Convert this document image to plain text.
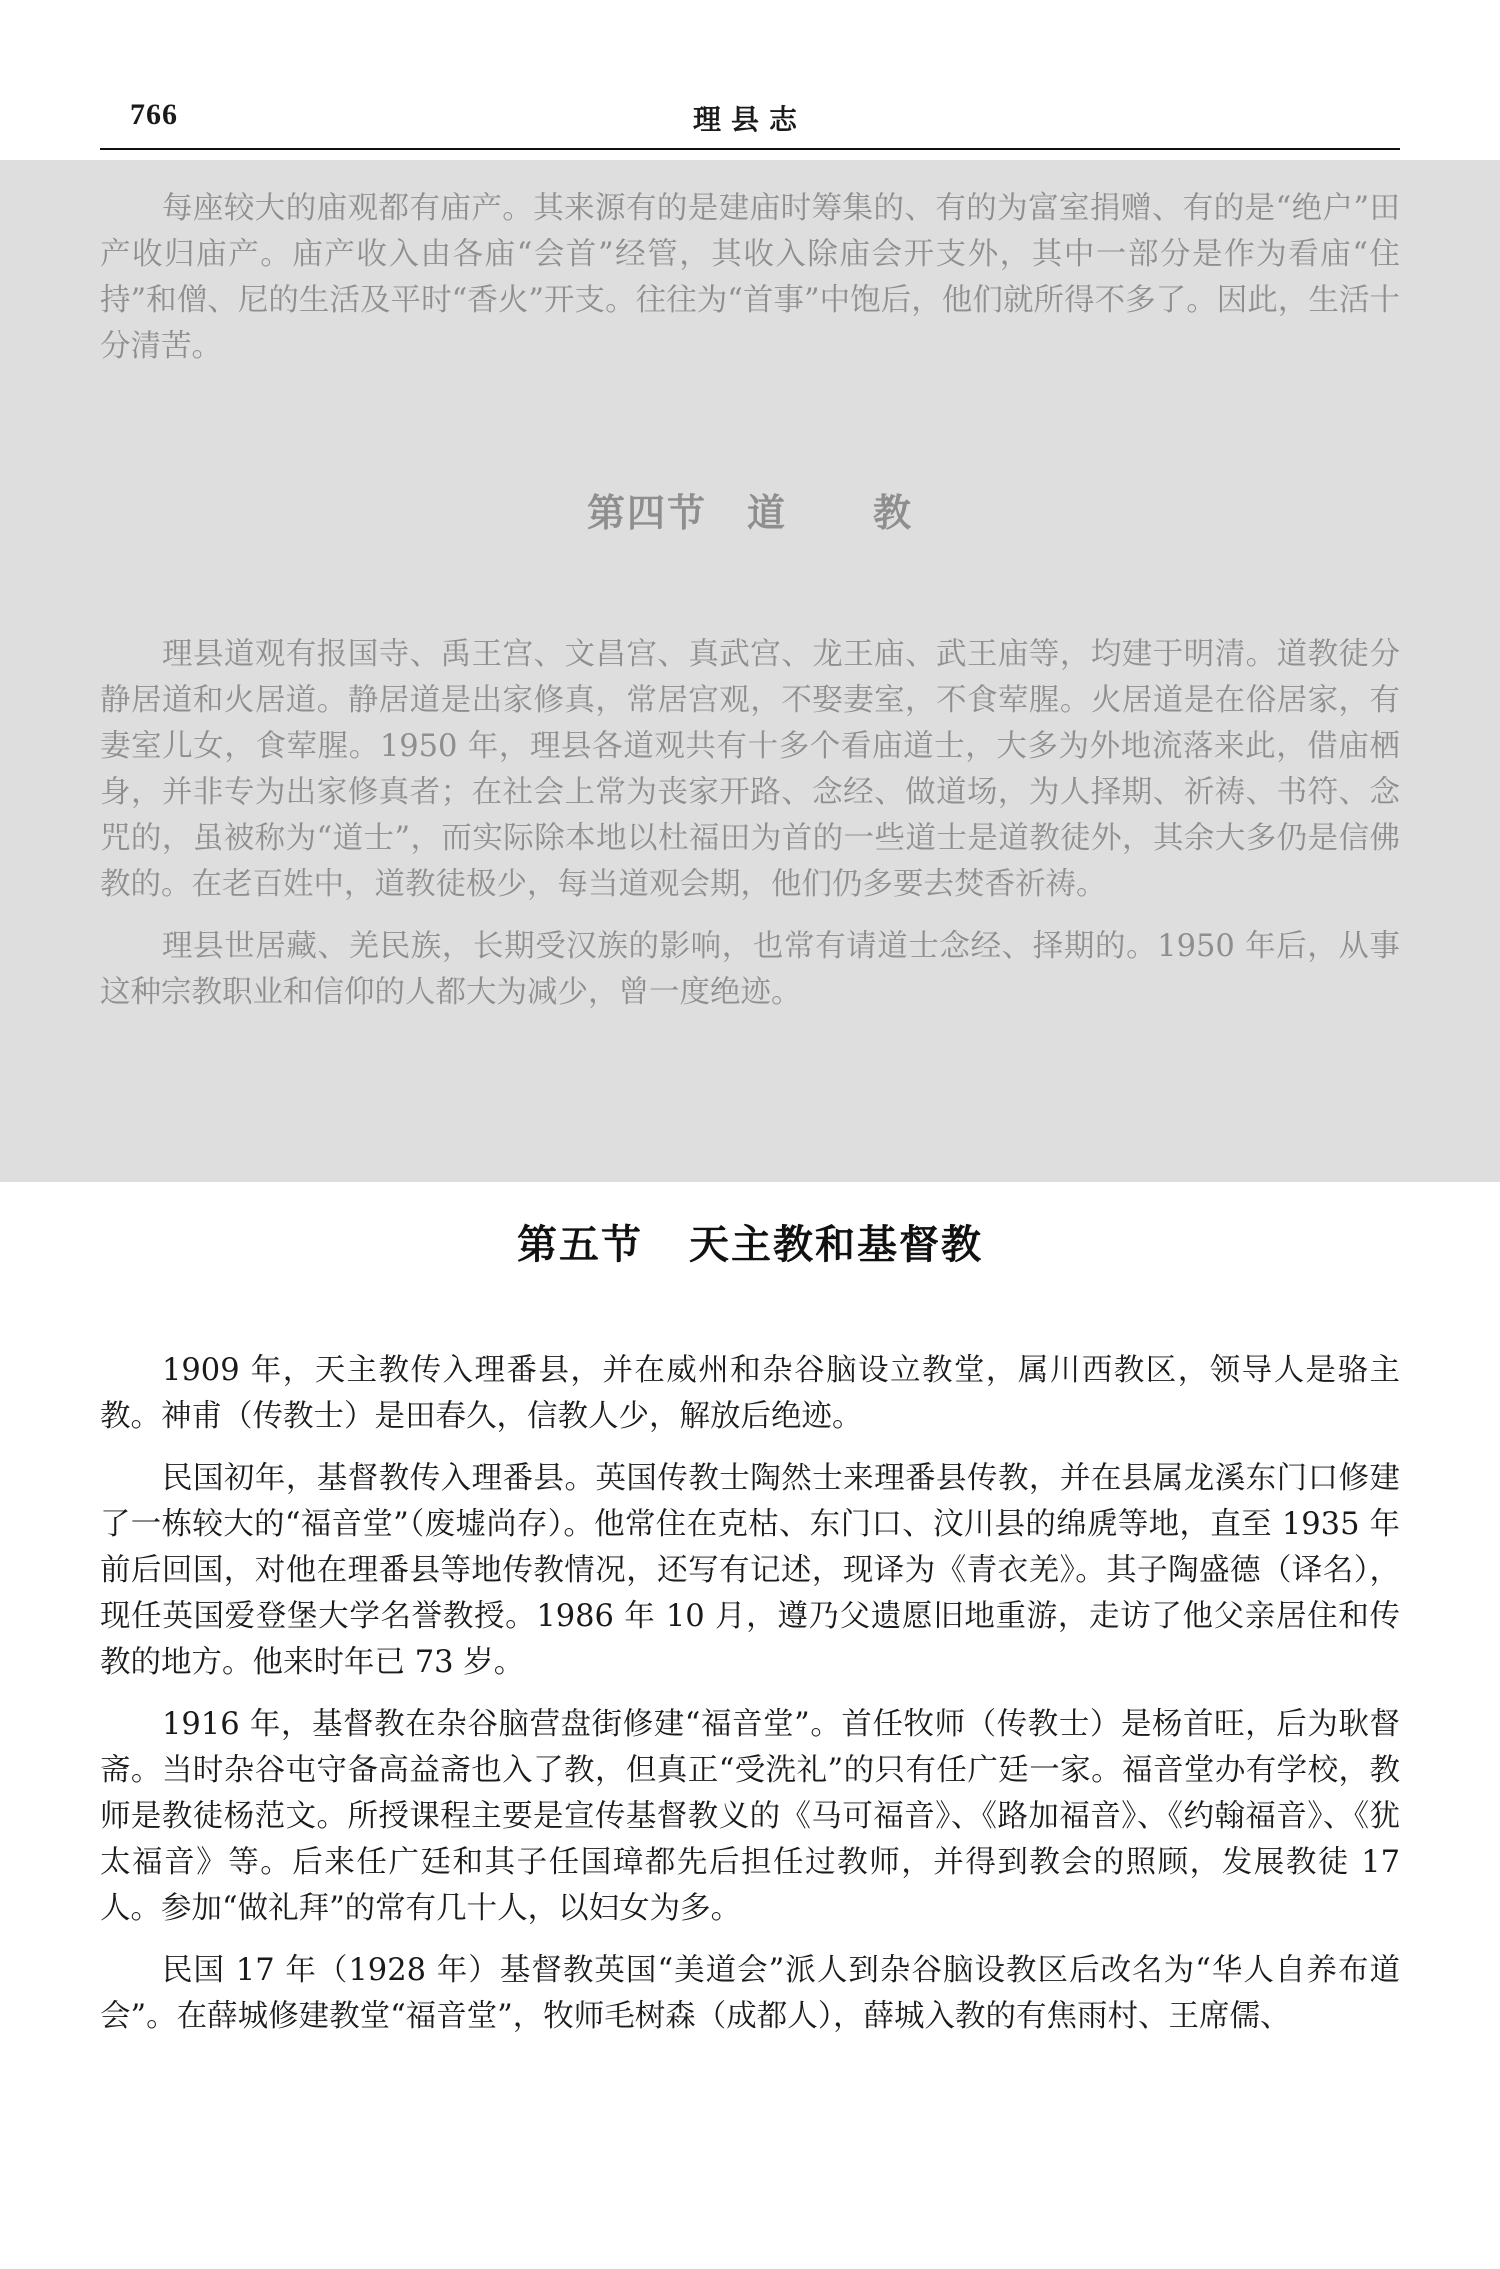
766	理县志

每座较大的庙观都有庙产。其来源有的是建庙时筹集的、有的为富室捐赠、有的是“绝户”田产收归庙产。庙产收入由各庙“会首”经管，其收入除庙会开支外，其中一部分是作为看庙“住持”和僧、尼的生活及平时“香火”开支。往往为“首事”中饱后，他们就所得不多了。因此，生活十分清苦。

第四节 道 教

理县道观有报国寺、禹王宫、文昌宫、真武宫、龙王庙、武王庙等，均建于明清。道教徒分静居道和火居道。静居道是出家修真，常居宫观，不娶妻室，不食荤腥。火居道是在俗居家，有妻室儿女，食荤腥。1950 年，理县各道观共有十多个看庙道士，大多为外地流落来此，借庙栖身，并非专为出家修真者；在社会上常为丧家开路、念经、做道场，为人择期、祈祷、书符、念咒的，虽被称为“道士”，而实际除本地以杜福田为首的一些道士是道教徒外，其余大多仍是信佛教的。在老百姓中，道教徒极少，每当道观会期，他们仍多要去焚香祈祷。

理县世居藏、羌民族，长期受汉族的影响，也常有请道士念经、择期的。1950 年后，从事这种宗教职业和信仰的人都大为减少，曾一度绝迹。

第五节 天主教和基督教

1909 年，天主教传入理番县，并在威州和杂谷脑设立教堂，属川西教区，领导人是骆主教。神甫（传教士）是田春久，信教人少，解放后绝迹。

民国初年，基督教传入理番县。英国传教士陶然士来理番县传教，并在县属龙溪东门口修建了一栋较大的“福音堂”（废墟尚存）。他常住在克枯、东门口、汶川县的绵虒等地，直至 1935 年前后回国，对他在理番县等地传教情况，还写有记述，现译为《青衣羌》。其子陶盛德（译名），现任英国爱登堡大学名誉教授。1986 年 10 月，遵乃父遗愿旧地重游，走访了他父亲居住和传教的地方。他来时年已 73 岁。

1916 年，基督教在杂谷脑营盘街修建“福音堂”。首任牧师（传教士）是杨首旺，后为耿督斋。当时杂谷屯守备高益斋也入了教，但真正“受洗礼”的只有任广廷一家。福音堂办有学校，教师是教徒杨范文。所授课程主要是宣传基督教义的《马可福音》、《路加福音》、《约翰福音》、《犹太福音》等。后来任广廷和其子任国璋都先后担任过教师，并得到教会的照顾，发展教徒 17 人。参加“做礼拜”的常有几十人，以妇女为多。

民国 17 年（1928 年）基督教英国“美道会”派人到杂谷脑设教区后改名为“华人自养布道会”。在薛城修建教堂“福音堂”，牧师毛树森（成都人），薛城入教的有焦雨村、王席儒、
